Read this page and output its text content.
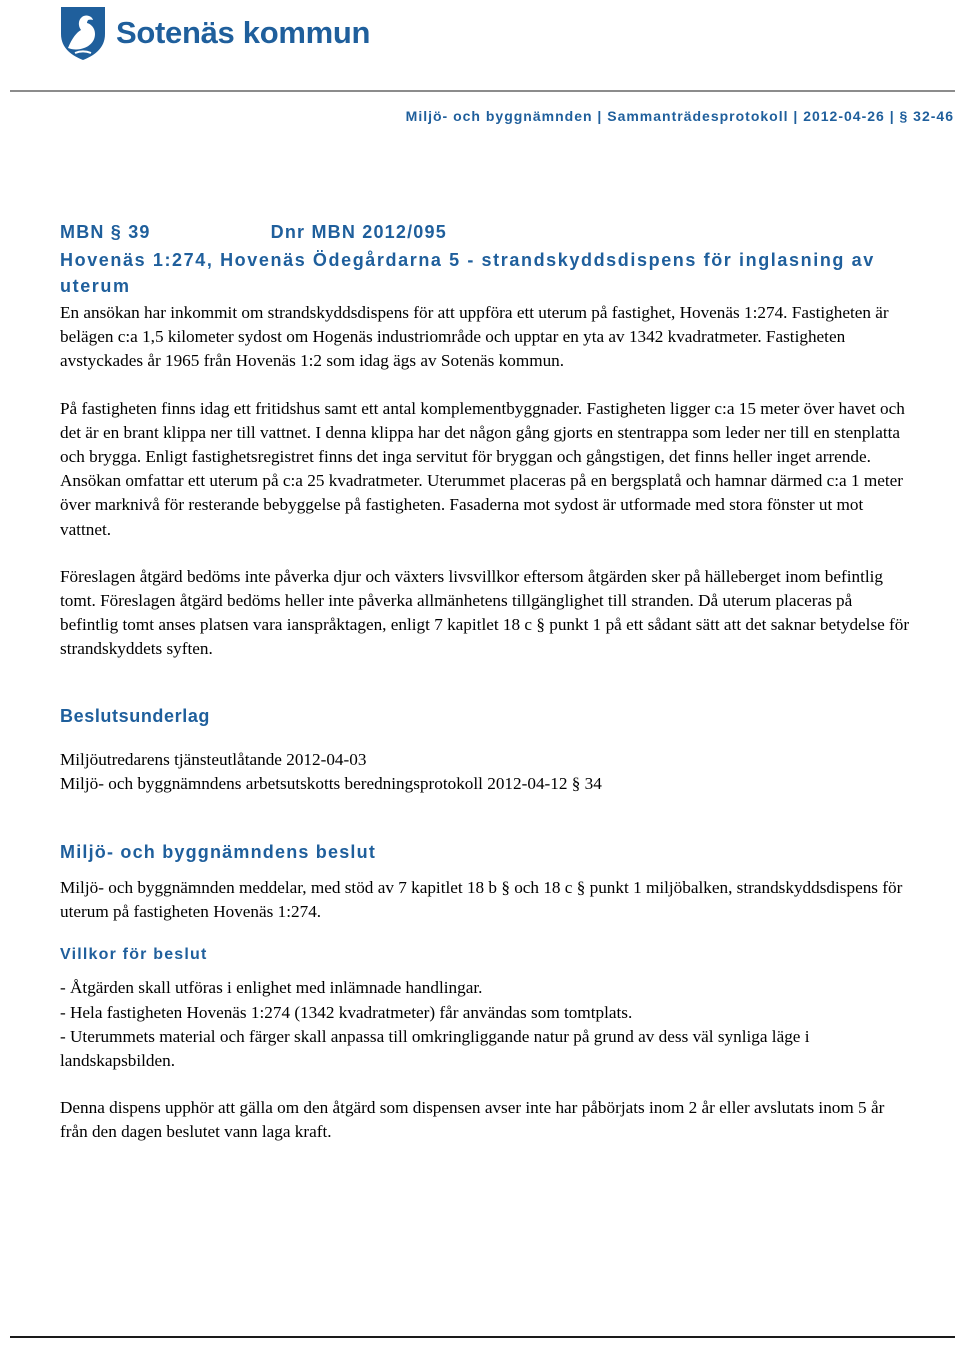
Sotenäs kommun
Miljö- och byggnämnden | Sammanträdesprotokoll | 2012-04-26 | § 32-46
MBN § 39	Dnr MBN 2012/095
Hovenäs 1:274, Hovenäs Ödegårdarna 5 - strandskyddsdispens för inglasning av uterum

En ansökan har inkommit om strandskyddsdispens för att uppföra ett uterum på fastighet, Hovenäs 1:274. Fastigheten är belägen c:a 1,5 kilometer sydost om Hogenäs industriområde och upptar en yta av 1342 kvadratmeter. Fastigheten avstyckades år 1965 från Hovenäs 1:2 som idag ägs av Sotenäs kommun.

På fastigheten finns idag ett fritidshus samt ett antal komplementbyggnader. Fastigheten ligger c:a 15 meter över havet och det är en brant klippa ner till vattnet. I denna klippa har det någon gång gjorts en stentrappa som leder ner till en stenplatta och brygga. Enligt fastighetsregistret finns det inga servitut för bryggan och gångstigen, det finns heller inget arrende. Ansökan omfattar ett uterum på c:a 25 kvadratmeter. Uterummet placeras på en bergsplatå och hamnar därmed c:a 1 meter över marknivå för resterande bebyggelse på fastigheten. Fasaderna mot sydost är utformade med stora fönster ut mot vattnet.

Föreslagen åtgärd bedöms inte påverka djur och växters livsvillkor eftersom åtgärden sker på hälleberget inom befintlig tomt. Föreslagen åtgärd bedöms heller inte påverka allmänhetens tillgänglighet till stranden. Då uterum placeras på befintlig tomt anses platsen vara ianspråktagen, enligt 7 kapitlet 18 c § punkt 1 på ett sådant sätt att det saknar betydelse för strandskyddets syften.

Beslutsunderlag

Miljöutredarens tjänsteutlåtande 2012-04-03

Miljö- och byggnämndens arbetsutskotts beredningsprotokoll 2012-04-12 § 34

Miljö- och byggnämndens beslut

Miljö- och byggnämnden meddelar, med stöd av 7 kapitlet 18 b § och 18 c § punkt 1 miljöbalken, strandskyddsdispens för uterum på fastigheten Hovenäs 1:274.

Villkor för beslut

- Åtgärden skall utföras i enlighet med inlämnade handlingar.

- Hela fastigheten Hovenäs 1:274 (1342 kvadratmeter) får användas som tomtplats.

- Uterummets material och färger skall anpassa till omkringliggande natur på grund av dess väl synliga läge i landskapsbilden.

Denna dispens upphör att gälla om den åtgärd som dispensen avser inte har påbörjats inom 2 år eller avslutats inom 5 år från den dagen beslutet vann laga kraft.
